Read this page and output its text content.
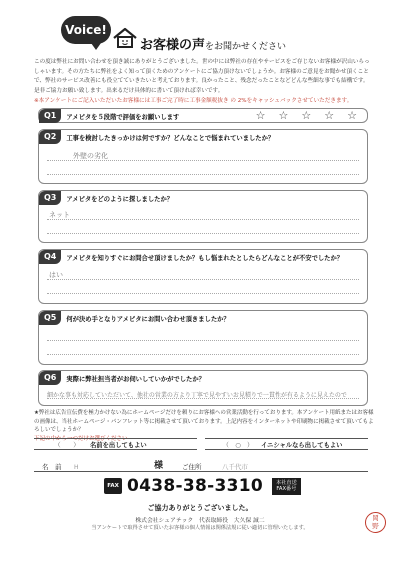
Voice!
お客様の声をお聞かせください
この度は弊社にお問い合わせを頂き誠にありがとうございました。世の中には弊社の存在やサービスをご存じないお客様が沢山いらっしゃいます。その方たちに弊社をよく知って頂くためのアンケートにご協力頂けないでしょうか。お客様のご意見をお聞かせ頂くことで、弊社のサービス改善にも役立てていきたいと考えております。良かったこと、残念だったことなどどんな些細な事でも結構です。是非ご協力お願い致します。出来るだけ具体的に書いて頂ければ幸いです。
※本アンケートにご記入いただいたお客様には工事ご完了時に工事金額税抜き の 2%をキャッシュバックさせていただきます。
Q1	アメピタを５段階で評価をお願いします	☆ ☆ ☆ ☆ ☆
Q2	工事を検討したきっかけは何ですか？どんなことで悩まれていましたか？
外壁の劣化
Q3	アメピタをどのように探しましたか？
ネット
Q4	アメピタを知りすぐにお問合せ頂けましたか？もし悩まれたとしたらどんなことが不安でしたか？
はい
Q5	何が決め手となりアメピタにお問い合わせ頂きましたか？
Q6	実際に弊社担当者がお伺いしていかがでしたか？
細かな事も対応していただいて、他社の営業の方より丁寧で見やすいお見積りで一貫性が有るように見えたので
★弊社は広告宣伝費を極力かけない為にホームページだけを頼りにお客様への営業活動を行っております。本アンケート用紙またはお客様の画像は、当社ホームページ・パンフレット等に掲載させて頂いております。上記内容をインターネットや印刷物に掲載させて頂いてもよろしいでしょうか？
下記の中から一つだけお選びください
（　　）	名前を出してもよい	（　○　） イニシャルなら出してもよい
名　前	H	様	ご住所	八千代市
FAX 0438-38-3310	本社直送
FAX番号
ご協力ありがとうございました。
株式会社シェアテック　代表取締役　大久保 誠二
当アンケートで取得させて頂いたお客様の個人情報は関係法規に従い適切に管理いたします。
岡
野
